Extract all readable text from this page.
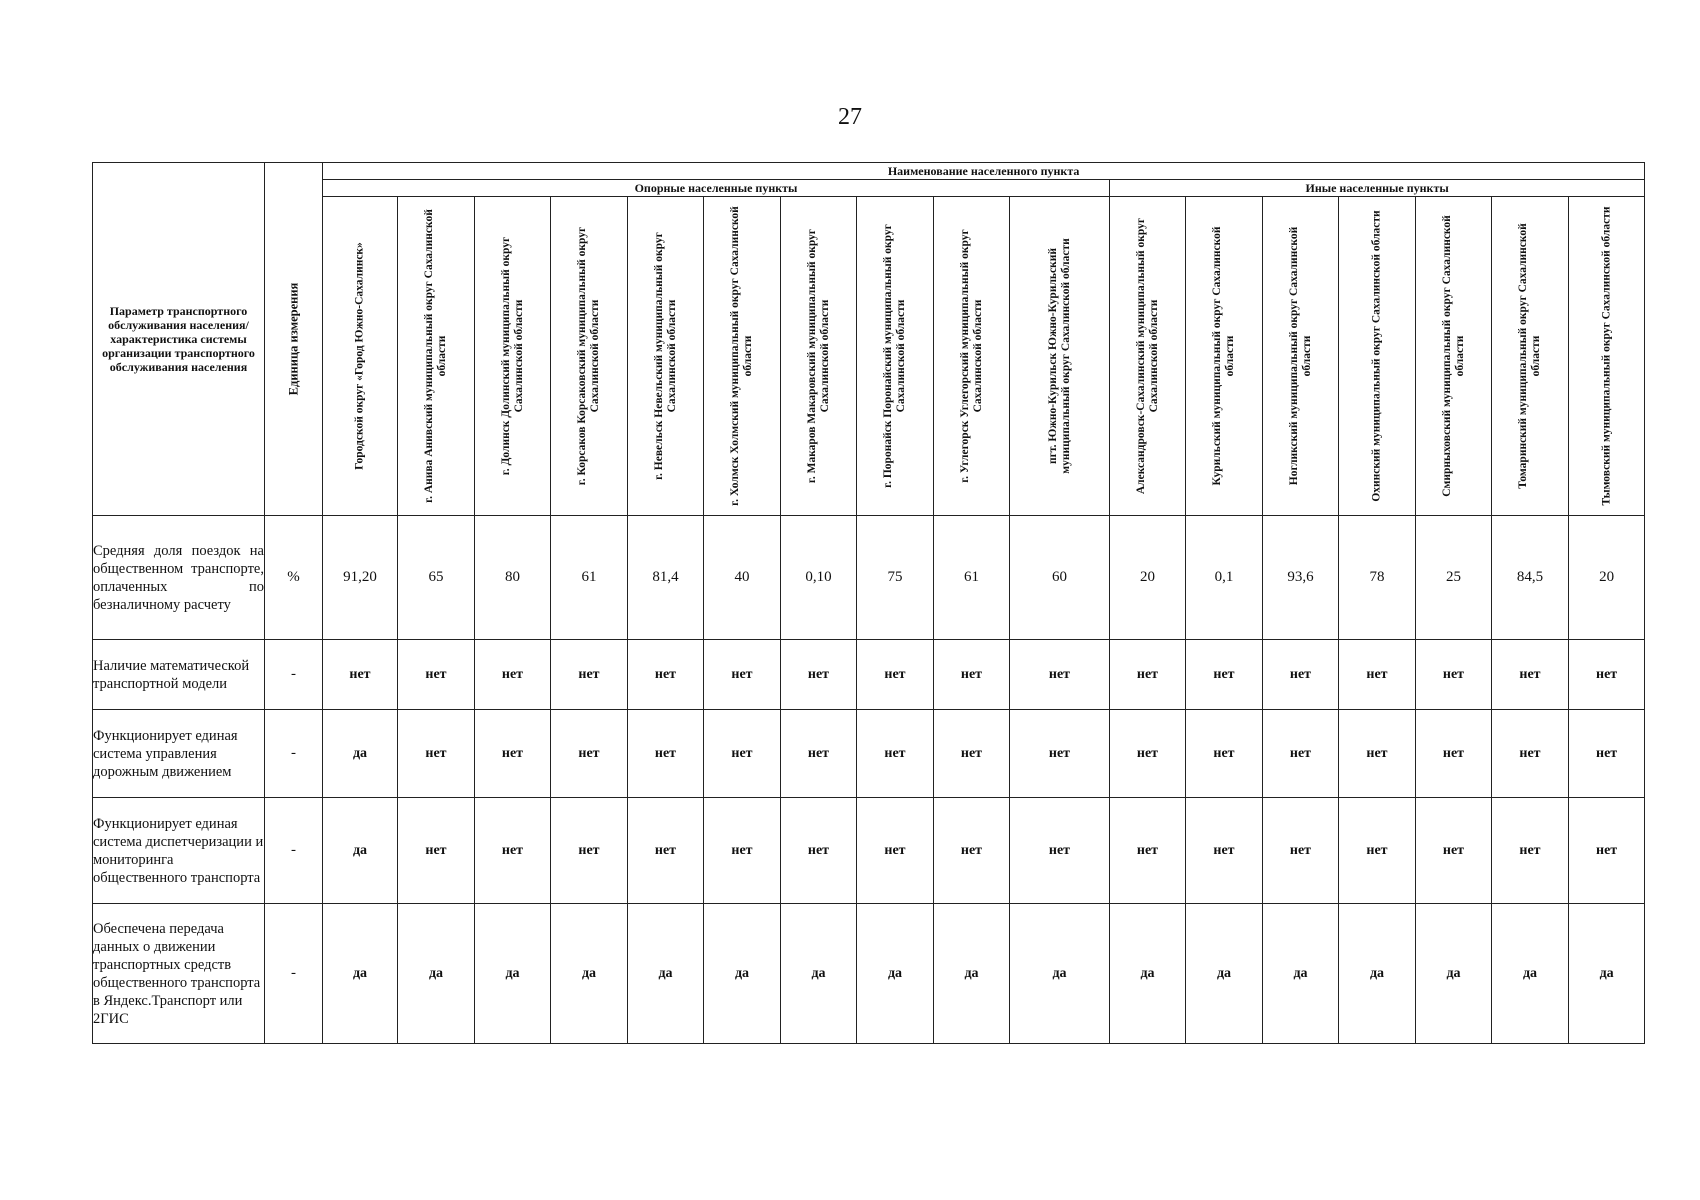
27
Параметр транспортного обслуживания населения/ характеристика системы организации транспортного обслуживания населения	Единица измерения	Наименование населенного пункта																
		Опорные населенные пункты										Иные населенные пункты						

		Городской округ «Город Южно-Сахалинск»	г. Анива Анивский муниципальный округ Сахалинской области	г. Долинск Долинский муниципальный округ Сахалинской области	г. Корсаков Корсаковский муниципальный округ Сахалинской области	г. Невельск Невельский муниципальный округ Сахалинской области	г. Холмск Холмский муниципальный округ Сахалинской области	г. Макаров Макаровский муниципальный округ Сахалинской области	г. Поронайск Поронайский муниципальный округ Сахалинской области	г. Углегорск Углегорский муниципальный округ Сахалинской области	пгт. Южно-Курильск Южно-Курильский муниципальный округ Сахалинской области	Александровск-Сахалинский муниципальный округ Сахалинской области	Курильский муниципальный округ Сахалинской области	Ногликский муниципальный округ Сахалинской области	Охинский муниципальный округ Сахалинской области	Смирныховский муниципальный округ Сахалинской области	Томаринский муниципальный округ Сахалинской области	Тымовский муниципальный округ Сахалинской области

Средняя доля поездок на общественном транспорте, оплаченных по безналичному расчету	%	91,20	65	80	61	81,4	40	0,10	75	61	60	20	0,1	93,6	78	25	84,5	20
Наличие математической транспортной модели	-	нет	нет	нет	нет	нет	нет	нет	нет	нет	нет	нет	нет	нет	нет	нет	нет	нет
Функционирует единая система управления дорожным движением	-	да	нет	нет	нет	нет	нет	нет	нет	нет	нет	нет	нет	нет	нет	нет	нет	нет
Функционирует единая система диспетчеризации и мониторинга общественного транспорта	-	да	нет	нет	нет	нет	нет	нет	нет	нет	нет	нет	нет	нет	нет	нет	нет	нет
Обеспечена передача данных о движении транспортных средств общественного транспорта в Яндекс.Транспорт или 2ГИС	-	да	да	да	да	да	да	да	да	да	да	да	да	да	да	да	да	да
